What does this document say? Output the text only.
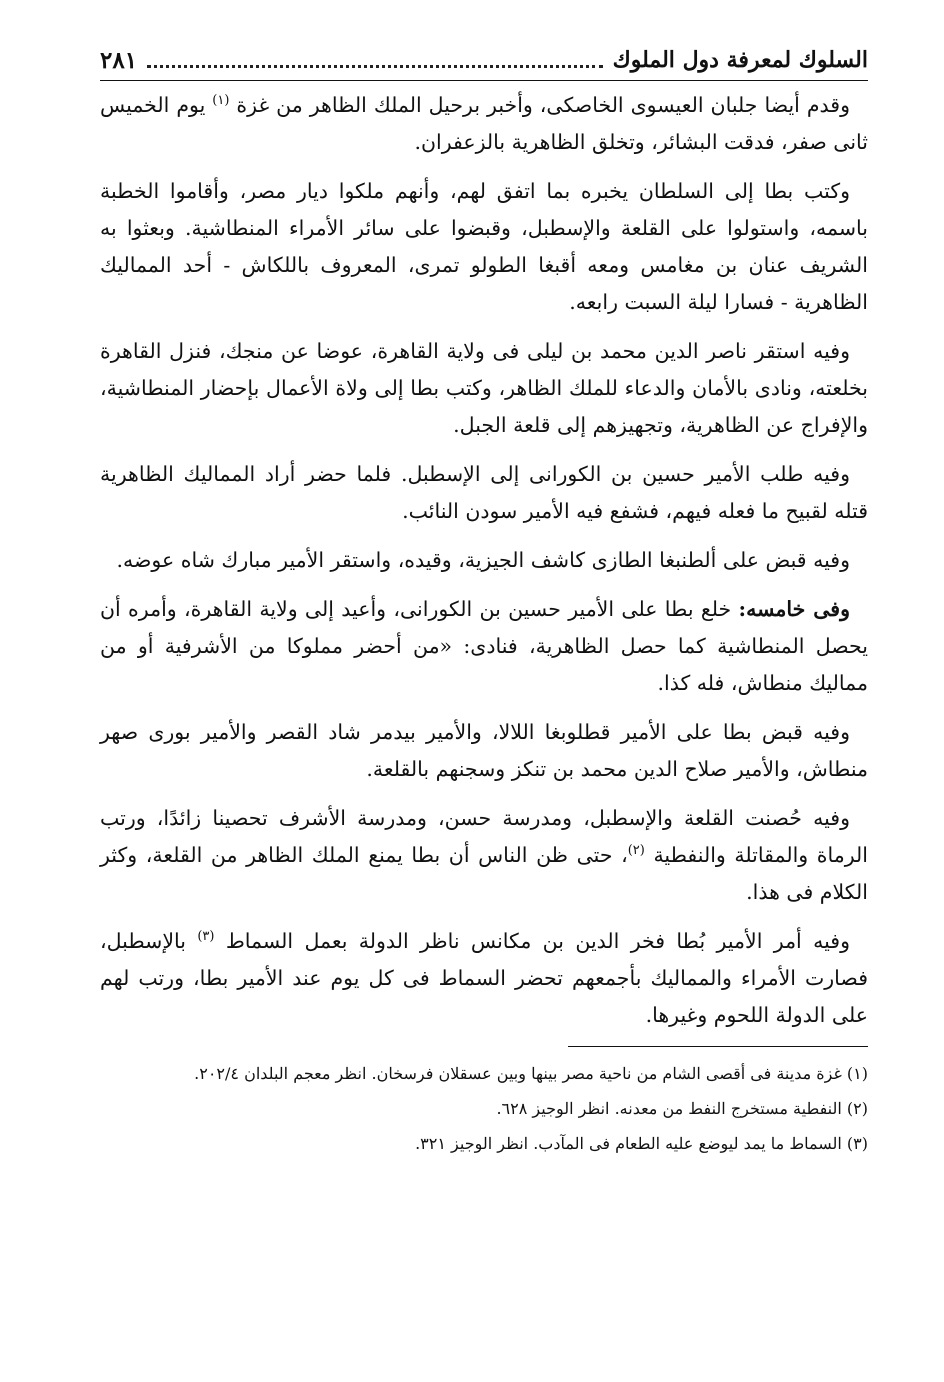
السلوك لمعرفة دول الملوك
٢٨١

وقدم أيضا جلبان العيسوى الخاصكى، وأخبر برحيل الملك الظاهر من غزة $^{(١)}$ يوم الخميس ثانى صفر، فدقت البشائر، وتخلق الظاهرية بالزعفران.

وكتب بطا إلى السلطان يخبره بما اتفق لهم، وأنهم ملكوا ديار مصر، وأقاموا الخطبة باسمه، واستولوا على القلعة والإسطبل، وقبضوا على سائر الأمراء المنطاشية. وبعثوا به الشريف عنان بن مغامس ومعه أقبغا الطولو تمرى، المعروف باللكاش - أحد المماليك الظاهرية - فسارا ليلة السبت رابعه.

وفيه استقر ناصر الدين محمد بن ليلى فى ولاية القاهرة، عوضا عن منجك، فنزل القاهرة بخلعته، ونادى بالأمان والدعاء للملك الظاهر، وكتب بطا إلى ولاة الأعمال بإحضار المنطاشية، والإفراج عن الظاهرية، وتجهيزهم إلى قلعة الجبل.

وفيه طلب الأمير حسين بن الكورانى إلى الإسطبل. فلما حضر أراد المماليك الظاهرية قتله لقبيح ما فعله فيهم، فشفع فيه الأمير سودن النائب.

وفيه قبض على ألطنبغا الطازى كاشف الجيزية، وقيده، واستقر الأمير مبارك شاه عوضه.

وفى خامسه: خلع بطا على الأمير حسين بن الكورانى، وأعيد إلى ولاية القاهرة، وأمره أن يحصل المنطاشية كما حصل الظاهرية، فنادى: «من أحضر مملوكا من الأشرفية أو من مماليك منطاش، فله كذا.

وفيه قبض بطا على الأمير قطلوبغا اللالا، والأمير بيدمر شاد القصر والأمير بورى صهر منطاش، والأمير صلاح الدين محمد بن تنكز وسجنهم بالقلعة.

وفيه حُصنت القلعة والإسطبل، ومدرسة حسن، ومدرسة الأشرف تحصينا زائدًا، ورتب الرماة والمقاتلة والنفطية $^{(٢)}$، حتى ظن الناس أن بطا يمنع الملك الظاهر من القلعة، وكثر الكلام فى هذا.

وفيه أمر الأمير بُطا فخر الدين بن مكانس ناظر الدولة بعمل السماط $^{(٣)}$ بالإسطبل، فصارت الأمراء والمماليك بأجمعهم تحضر السماط فى كل يوم عند الأمير بطا، ورتب لهم على الدولة اللحوم وغيرها.

(١) غزة مدينة فى أقصى الشام من ناحية مصر بينها وبين عسقلان فرسخان. انظر معجم البلدان ٢٠٢/٤.

(٢) النفطية مستخرج النفط من معدنه. انظر الوجيز ٦٢٨.

(٣) السماط ما يمد ليوضع عليه الطعام فى المآدب. انظر الوجيز ٣٢١.
